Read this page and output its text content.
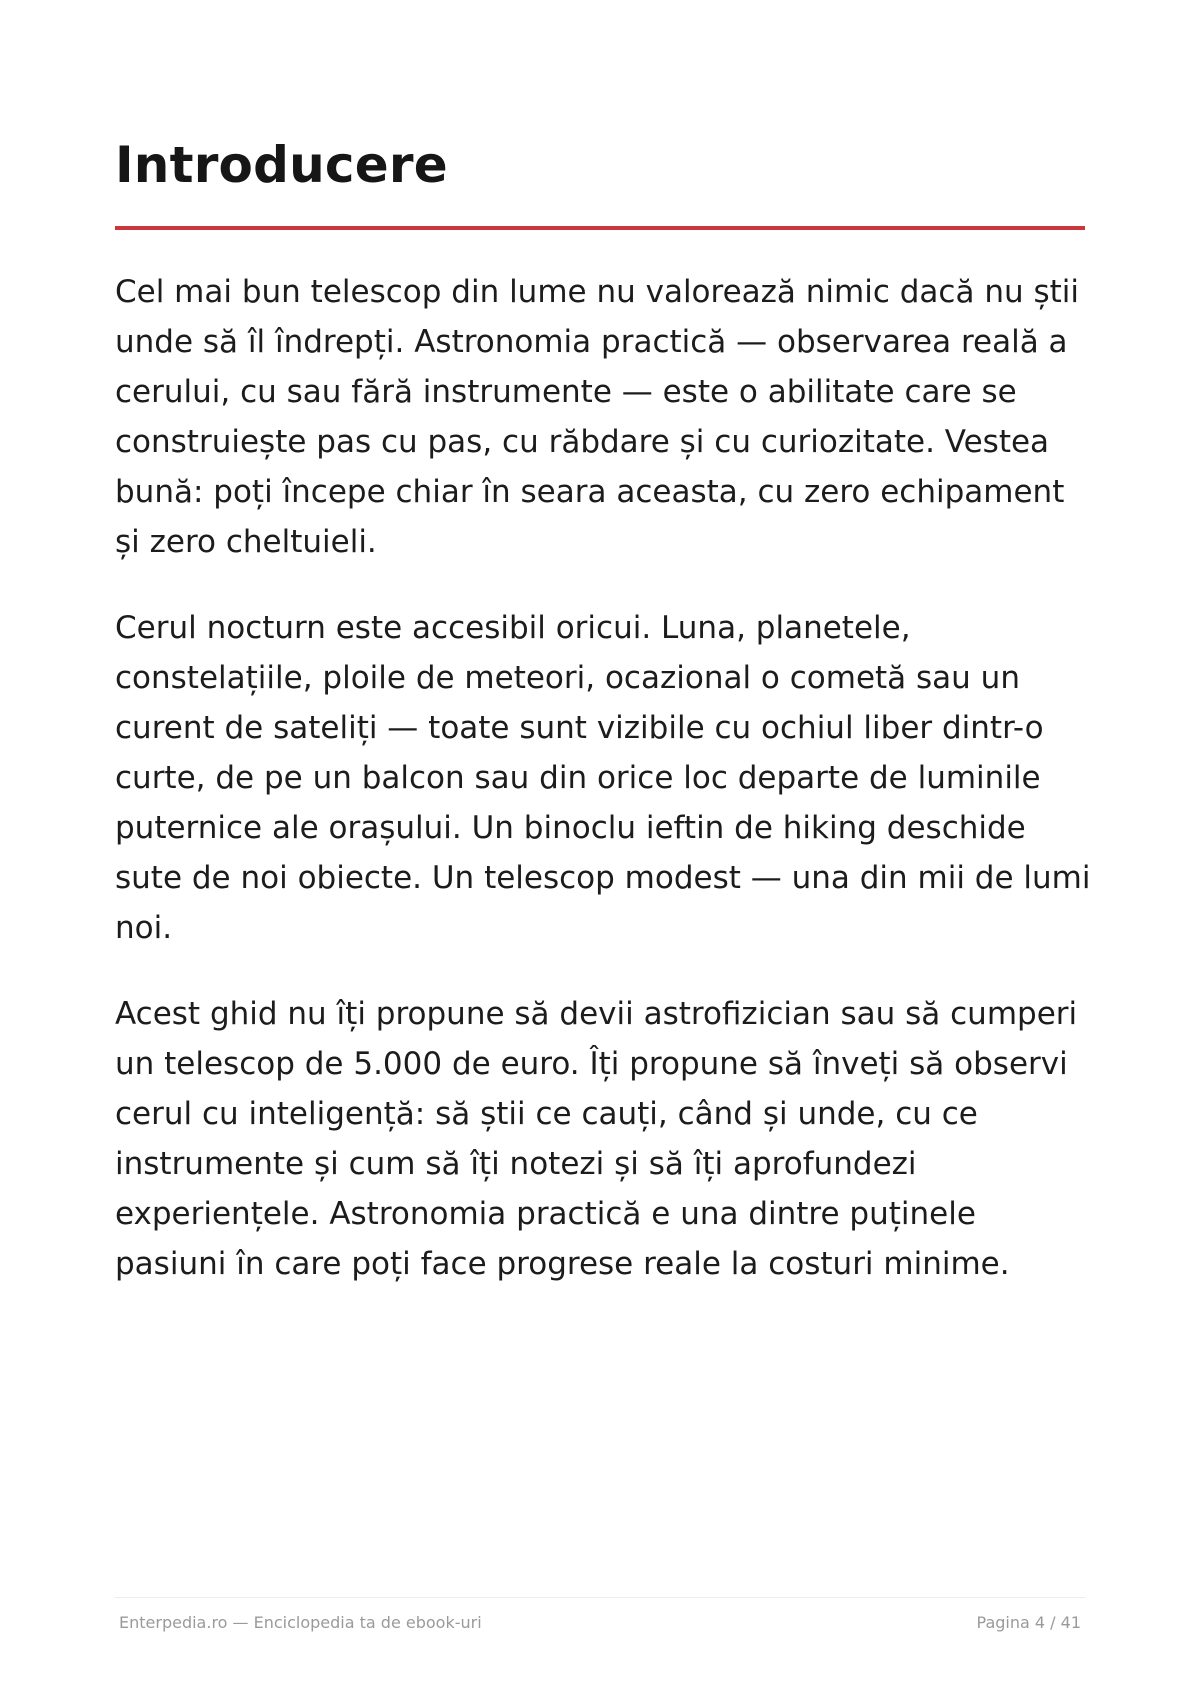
Introducere

Cel mai bun telescop din lume nu valorează nimic dacă nu știi unde să îl îndrepți. Astronomia practică — observarea reală a cerului, cu sau fără instrumente — este o abilitate care se construiește pas cu pas, cu răbdare și cu curiozitate. Vestea bună: poți începe chiar în seara aceasta, cu zero echipament și zero cheltuieli.

Cerul nocturn este accesibil oricui. Luna, planetele, constelațiile, ploile de meteori, ocazional o cometă sau un curent de sateliți — toate sunt vizibile cu ochiul liber dintr-o curte, de pe un balcon sau din orice loc departe de luminile puternice ale orașului. Un binoclu ieftin de hiking deschide sute de noi obiecte. Un telescop modest — una din mii de lumi noi.

Acest ghid nu îți propune să devii astrofizician sau să cumperi un telescop de 5.000 de euro. Îți propune să înveți să observi cerul cu inteligență: să știi ce cauți, când și unde, cu ce instrumente și cum să îți notezi și să îți aprofundezi experiențele. Astronomia practică e una dintre puținele pasiuni în care poți face progrese reale la costuri minime.

Enterpedia.ro — Enciclopedia ta de ebook-uri	Pagina 4 / 41
